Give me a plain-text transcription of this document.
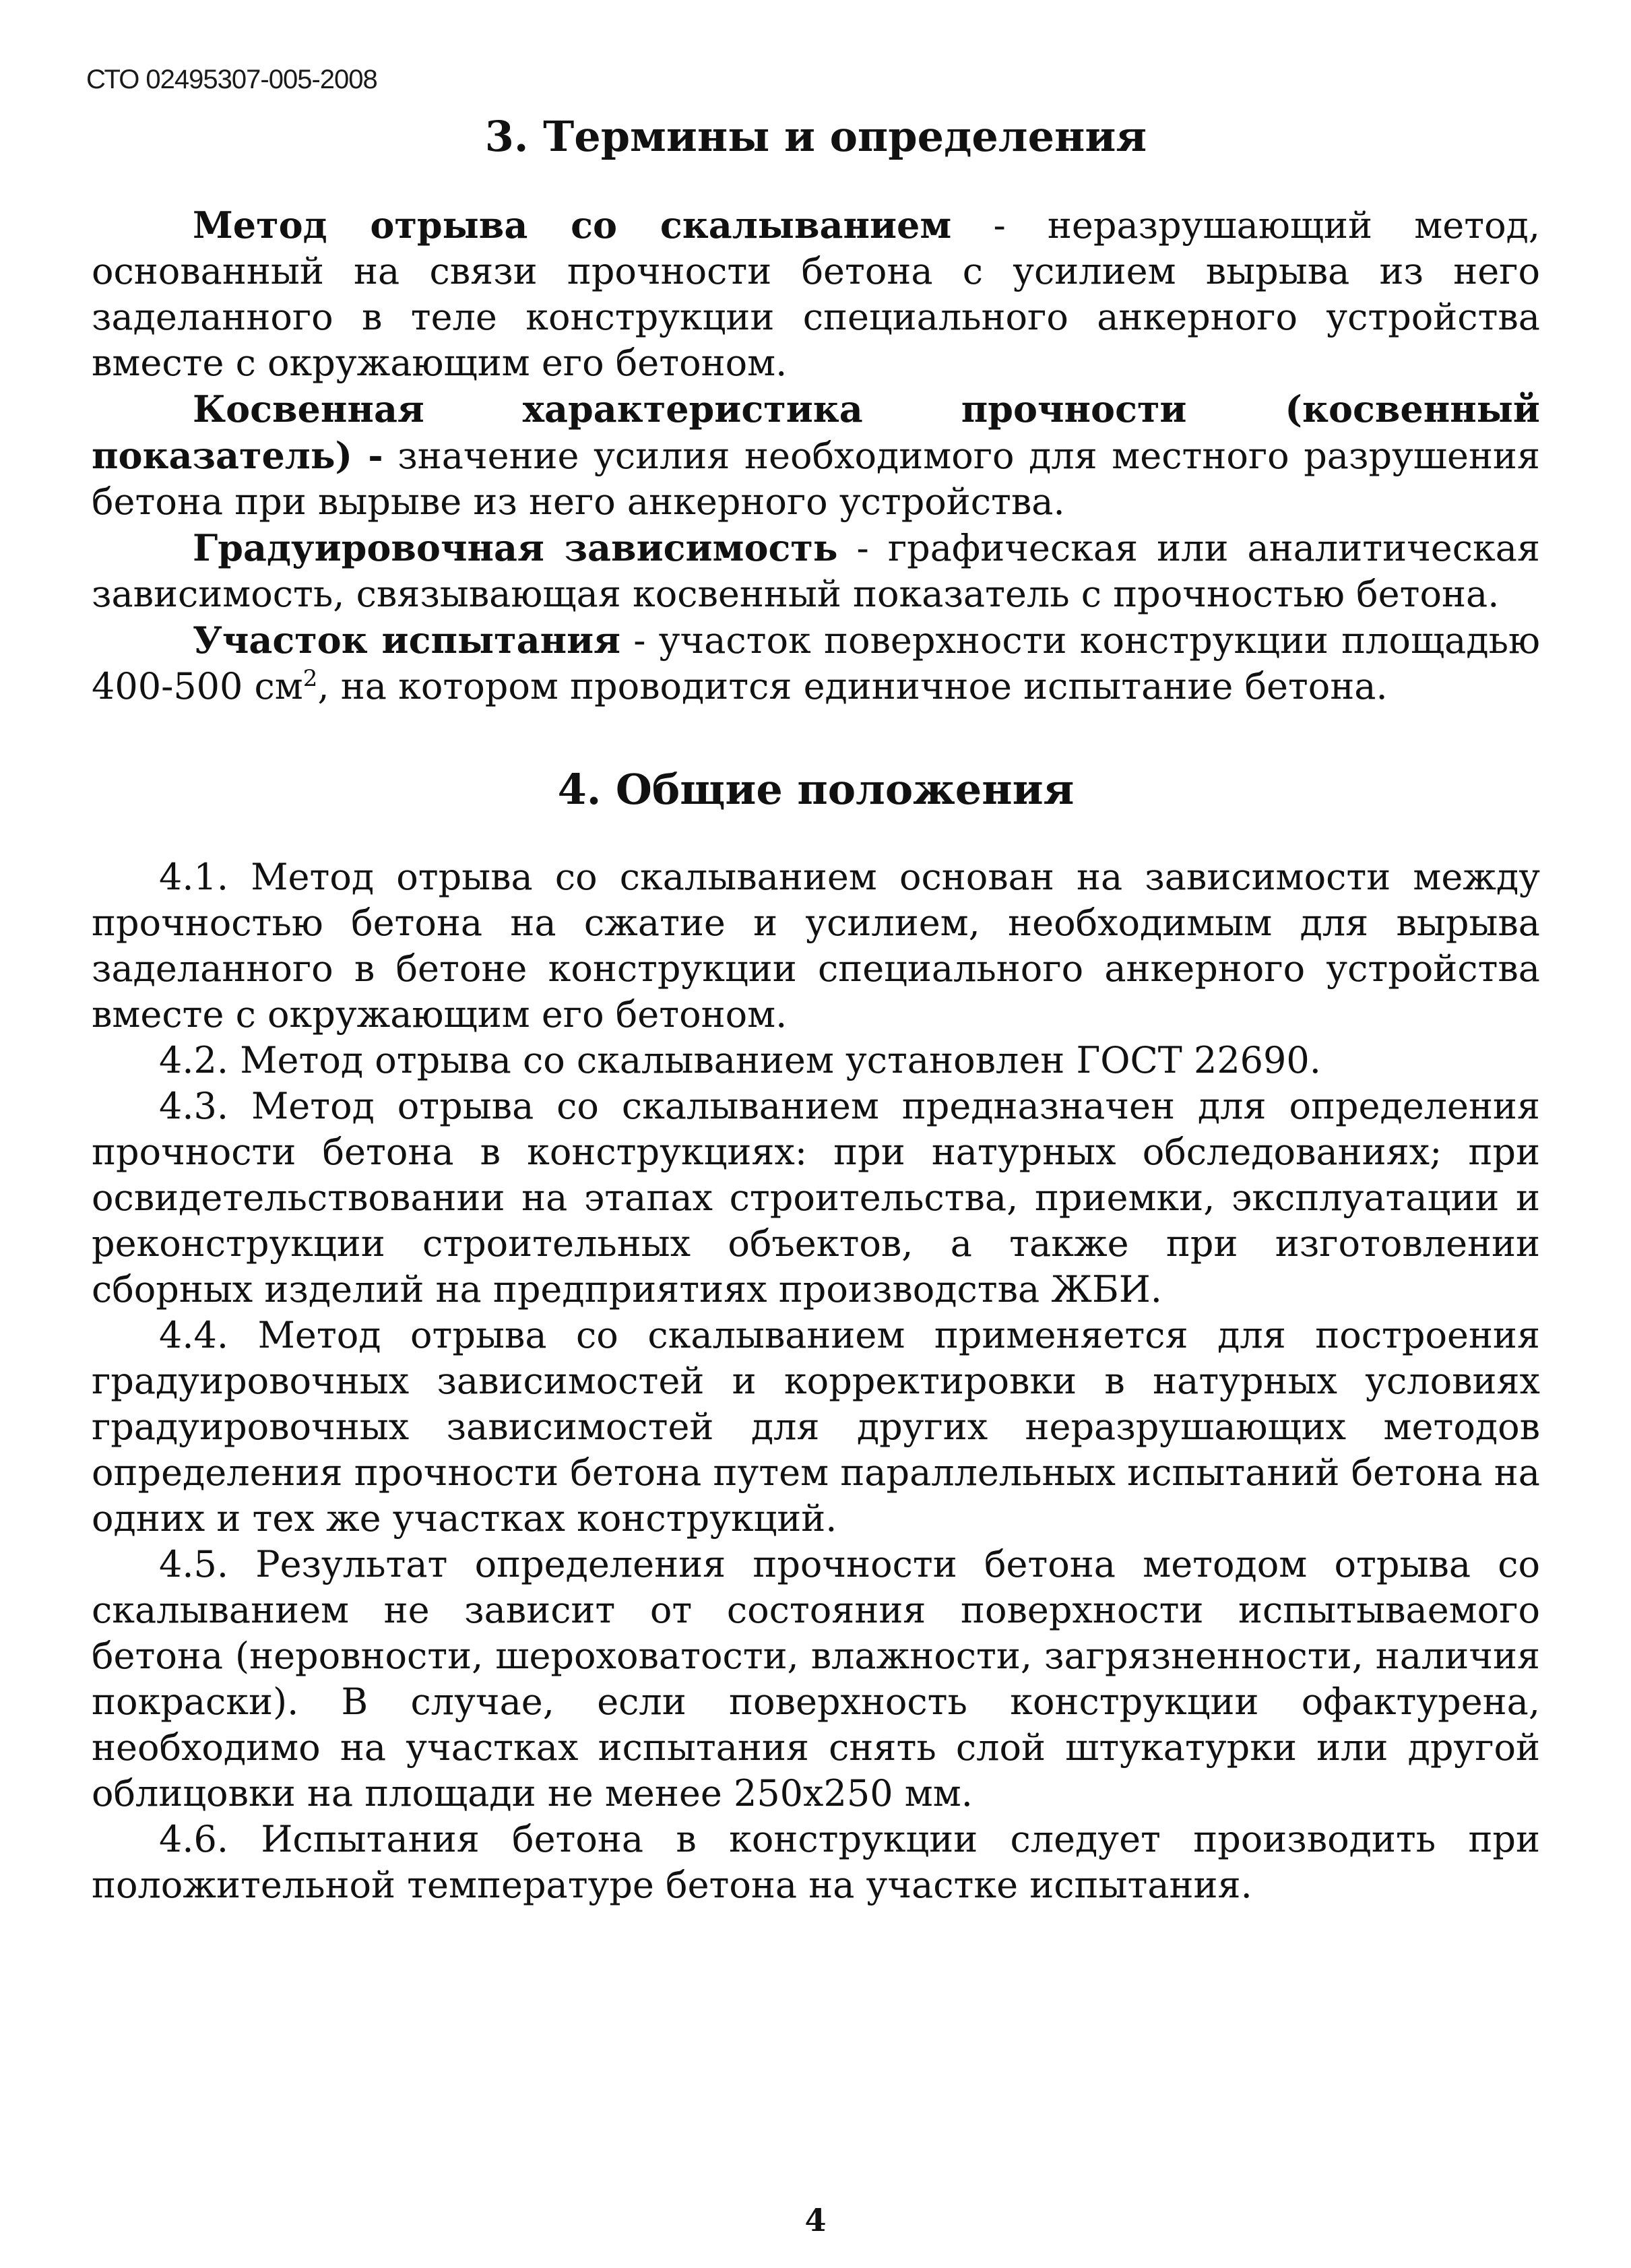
СТО 02495307-005-2008
3. Термины и определения

Метод отрыва со скалыванием - неразрушающий метод, основанный на связи прочности бетона с усилием вырыва из него заделанного в теле конструкции специального анкерного устройства вместе с окружающим его бетоном.

Косвенная характеристика прочности (косвенный показатель) - значение усилия необходимого для местного разрушения бетона при вырыве из него анкерного устройства.

Градуировочная зависимость - графическая или аналитическая зависимость, связывающая косвенный показатель с прочностью бетона.

Участок испытания - участок поверхности конструкции площадью 400-500 $см^2$, на котором проводится единичное испытание бетона.

4. Общие положения

4.1. Метод отрыва со скалыванием основан на зависимости между прочностью бетона на сжатие и усилием, необходимым для вырыва заделанного в бетоне конструкции специального анкерного устройства вместе с окружающим его бетоном.

4.2. Метод отрыва со скалыванием установлен ГОСТ 22690.

4.3. Метод отрыва со скалыванием предназначен для определения прочности бетона в конструкциях: при натурных обследованиях; при освидетельствовании на этапах строительства, приемки, эксплуатации и реконструкции строительных объектов, а также при изготовлении сборных изделий на предприятиях производства ЖБИ.

4.4. Метод отрыва со скалыванием применяется для построения градуировочных зависимостей и корректировки в натурных условиях градуировочных зависимостей для других неразрушающих методов определения прочности бетона путем параллельных испытаний бетона на одних и тех же участках конструкций.

4.5. Результат определения прочности бетона методом отрыва со скалыванием не зависит от состояния поверхности испытываемого бетона (неровности, шероховатости, влажности, загрязненности, наличия покраски). В случае, если поверхность конструкции офактурена, необходимо на участках испытания снять слой штукатурки или другой облицовки на площади не менее 250x250 мм.

4.6. Испытания бетона в конструкции следует производить при положительной температуре бетона на участке испытания.

4
